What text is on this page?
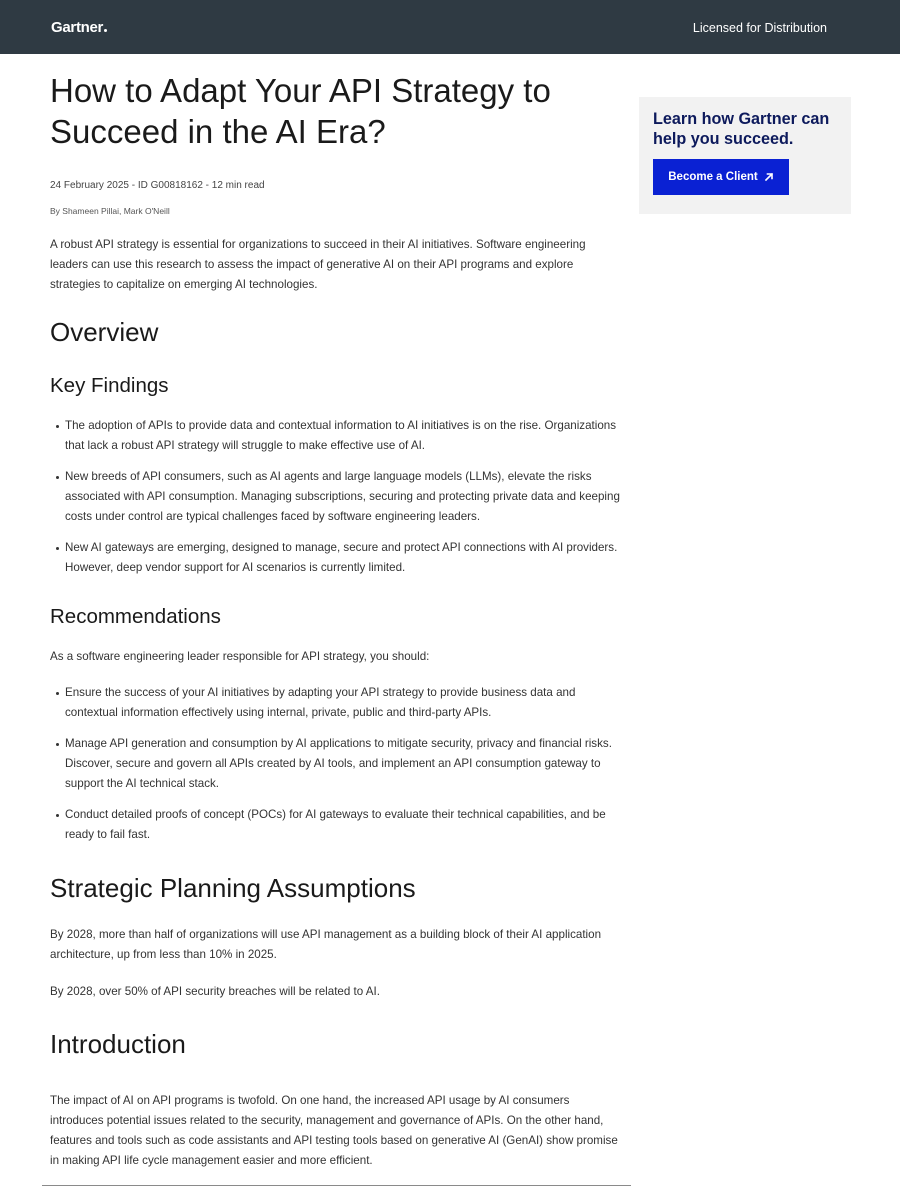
Gartner	Licensed for Distribution
How to Adapt Your API Strategy to Succeed in the AI Era?
24 February 2025 - ID G00818162 - 12 min read
By Shameen Pillai, Mark O'Neill

A robust API strategy is essential for organizations to succeed in their AI initiatives. Software engineering leaders can use this research to assess the impact of generative AI on their API programs and explore strategies to capitalize on emerging AI technologies.

Overview
Key Findings
The adoption of APIs to provide data and contextual information to AI initiatives is on the rise. Organizations that lack a robust API strategy will struggle to make effective use of AI.
New breeds of API consumers, such as AI agents and large language models (LLMs), elevate the risks associated with API consumption. Managing subscriptions, securing and protecting private data and keeping costs under control are typical challenges faced by software engineering leaders.
New AI gateways are emerging, designed to manage, secure and protect API connections with AI providers. However, deep vendor support for AI scenarios is currently limited.
Recommendations

As a software engineering leader responsible for API strategy, you should:

Ensure the success of your AI initiatives by adapting your API strategy to provide business data and contextual information effectively using internal, private, public and third-party APIs.
Manage API generation and consumption by AI applications to mitigate security, privacy and financial risks. Discover, secure and govern all APIs created by AI tools, and implement an API consumption gateway to support the AI technical stack.
Conduct detailed proofs of concept (POCs) for AI gateways to evaluate their technical capabilities, and be ready to fail fast.
Strategic Planning Assumptions

By 2028, more than half of organizations will use API management as a building block of their AI application architecture, up from less than 10% in 2025.

By 2028, over 50% of API security breaches will be related to AI.

Introduction

The impact of AI on API programs is twofold. On one hand, the increased API usage by AI consumers introduces potential issues related to the security, management and governance of APIs. On the other hand, features and tools such as code assistants and API testing tools based on generative AI (GenAI) show promise in making API life cycle management easier and more efficient.

Learn how Gartner can help you succeed.

Become a Client
